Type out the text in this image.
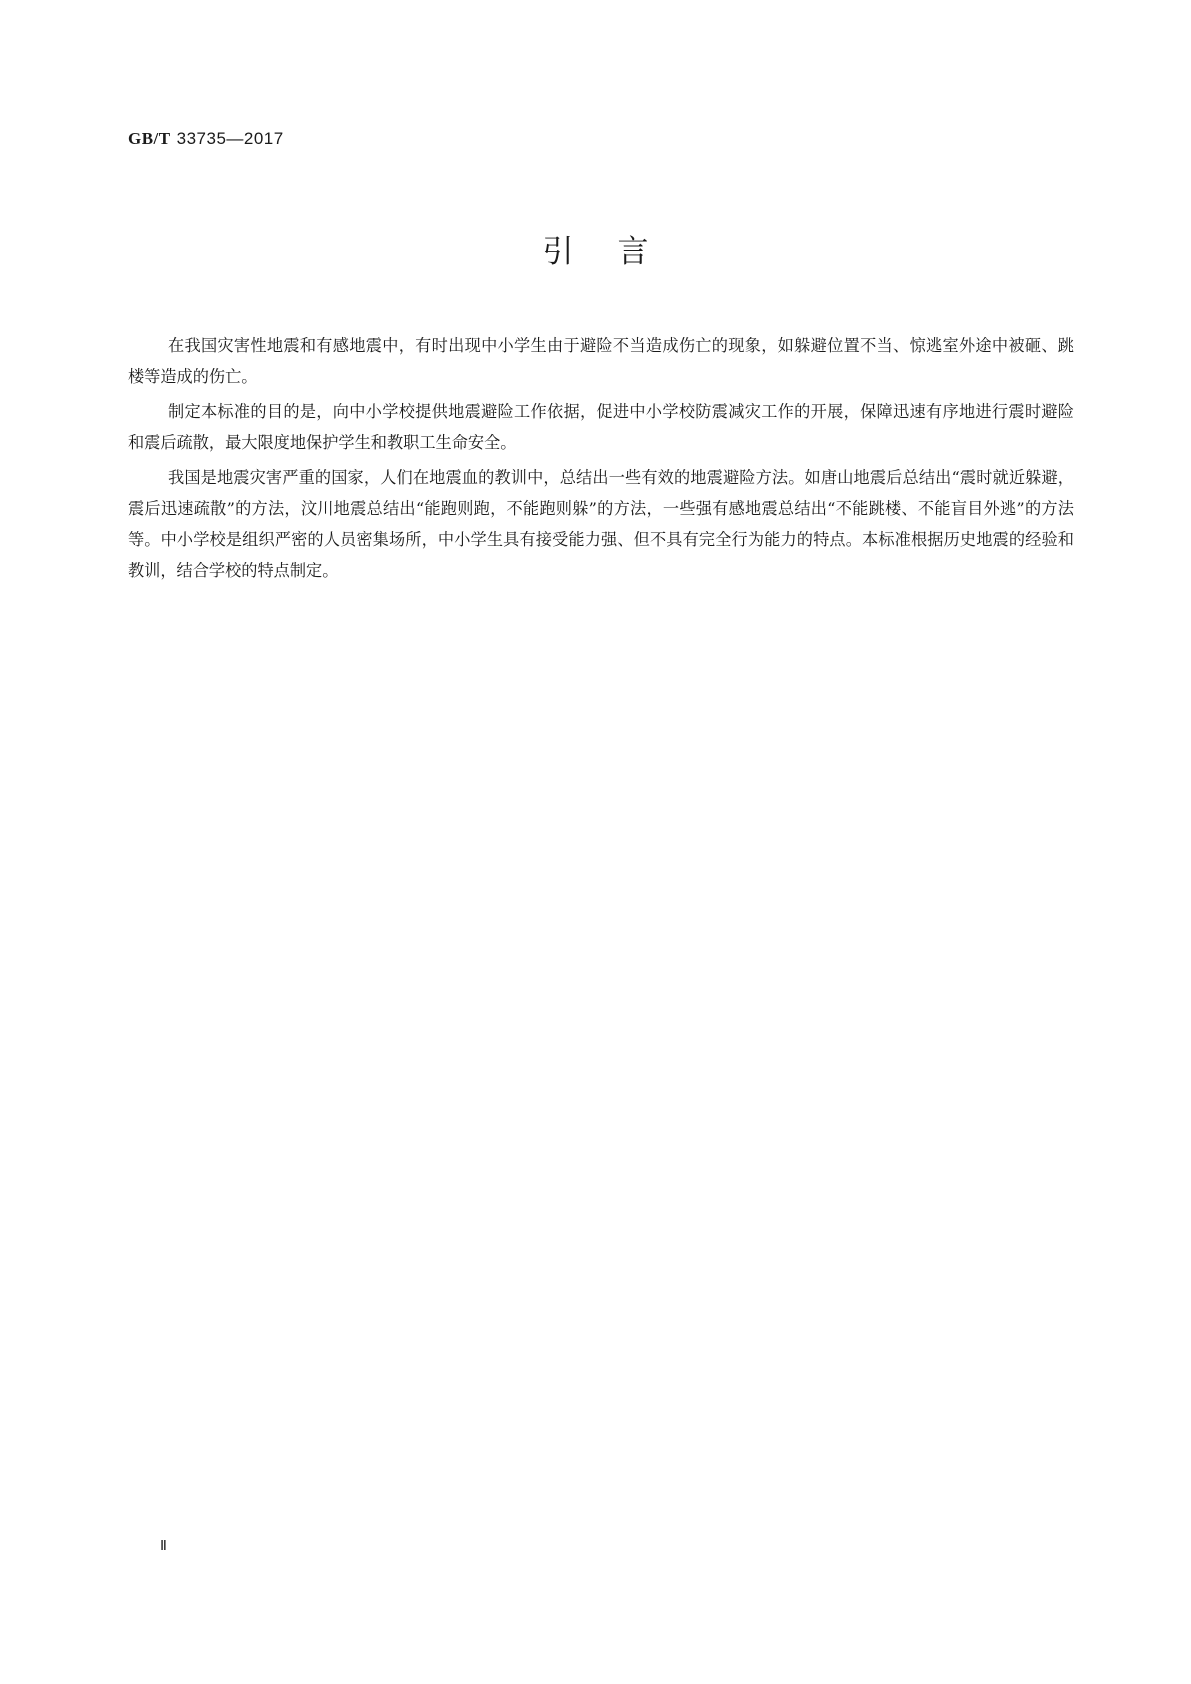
GB/T 33735—2017
引言

在我国灾害性地震和有感地震中，有时出现中小学生由于避险不当造成伤亡的现象，如躲避位置不当、惊逃室外途中被砸、跳楼等造成的伤亡。

制定本标准的目的是，向中小学校提供地震避险工作依据，促进中小学校防震减灾工作的开展，保障迅速有序地进行震时避险和震后疏散，最大限度地保护学生和教职工生命安全。

我国是地震灾害严重的国家，人们在地震血的教训中，总结出一些有效的地震避险方法。如唐山地震后总结出“震时就近躲避，震后迅速疏散”的方法，汶川地震总结出“能跑则跑，不能跑则躲”的方法，一些强有感地震总结出“不能跳楼、不能盲目外逃”的方法等。中小学校是组织严密的人员密集场所，中小学生具有接受能力强、但不具有完全行为能力的特点。本标准根据历史地震的经验和教训，结合学校的特点制定。

Ⅱ
